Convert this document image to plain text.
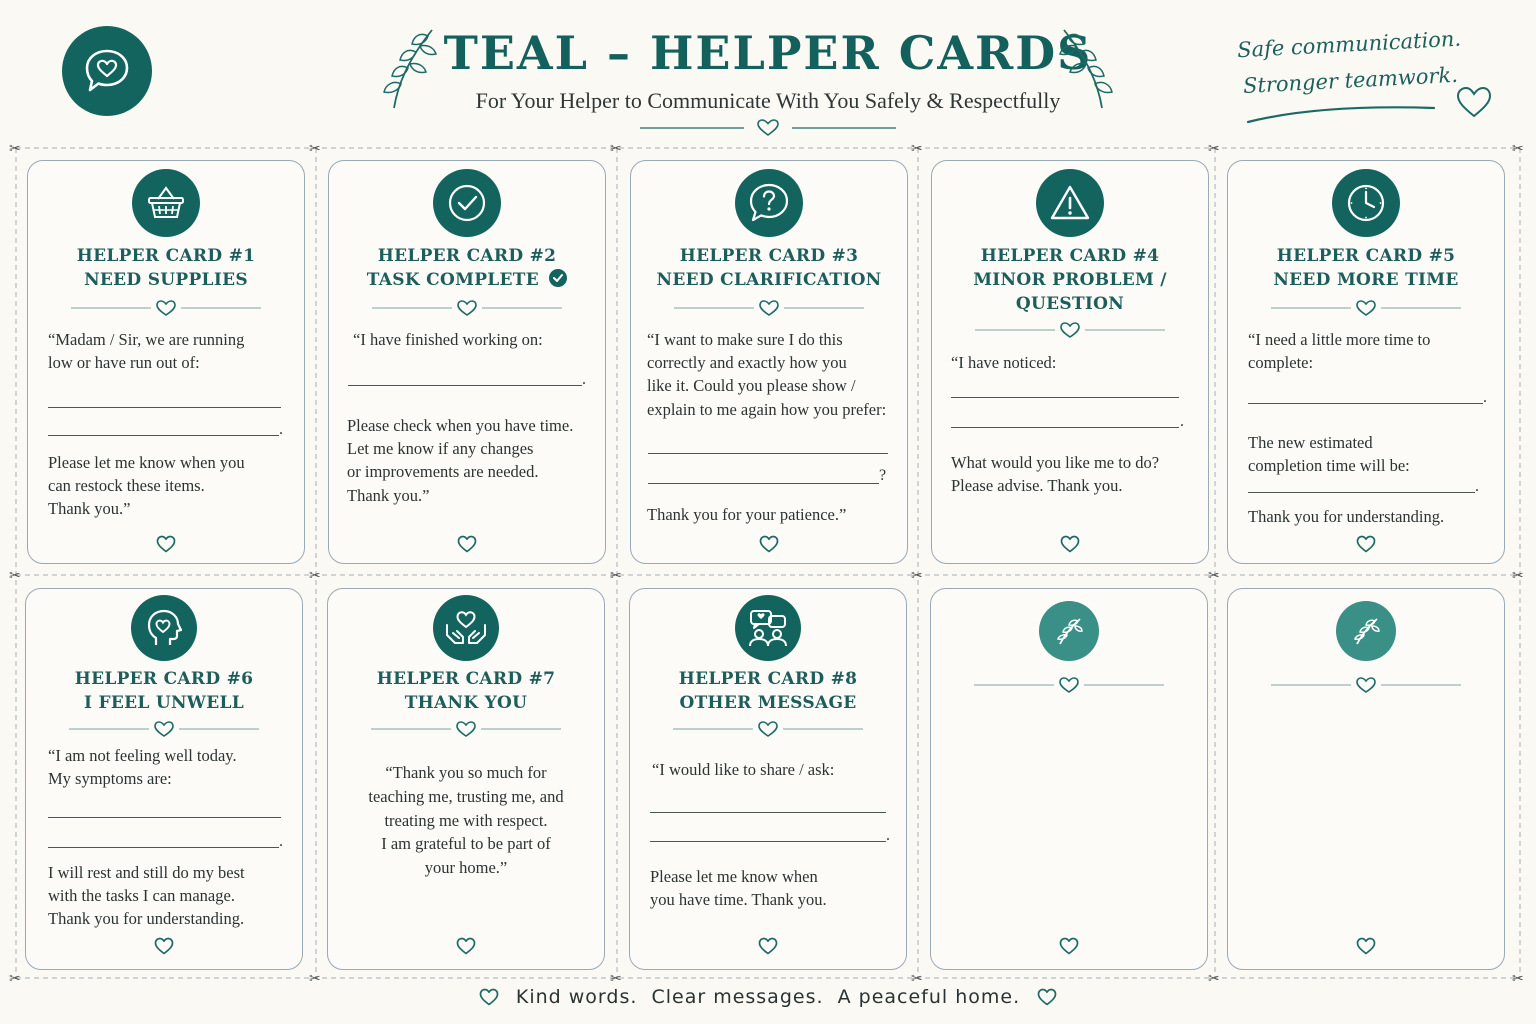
TEAL – HELPER CARDS
For Your Helper to Communicate With You Safely & Respectfully
Safe communication.
Stronger teamwork.
✂	✂	✂	✂	✂	✂
✂	✂	✂	✂	✂	✂
✂	✂	✂	✂	✂	✂
HELPER CARD #1
NEED SUPPLIES
“Madam / Sir, we are running
low or have run out of:
.
Please let me know when you
can restock these items.
Thank you.”
HELPER CARD #2
TASK COMPLETE
“I have finished working on:
.
Please check when you have time.
Let me know if any changes
or improvements are needed.
Thank you.”
HELPER CARD #3
NEED CLARIFICATION
“I want to make sure I do this
correctly and exactly how you
like it. Could you please show /
explain to me again how you prefer:
?
Thank you for your patience.”
HELPER CARD #4
MINOR PROBLEM /
QUESTION
“I have noticed:
.
What would you like me to do?
Please advise. Thank you.
HELPER CARD #5
NEED MORE TIME
“I need a little more time to
complete:
.
The new estimated
completion time will be:
.
Thank you for understanding.
HELPER CARD #6
I FEEL UNWELL
“I am not feeling well today.
My symptoms are:
.
I will rest and still do my best
with the tasks I can manage.
Thank you for understanding.
HELPER CARD #7
THANK YOU
“Thank you so much for
teaching me, trusting me, and
treating me with respect.
I am grateful to be part of
your home.”
HELPER CARD #8
OTHER MESSAGE
“I would like to share / ask:
.
Please let me know when
you have time. Thank you.
Kind words.  Clear messages.  A peaceful home.
